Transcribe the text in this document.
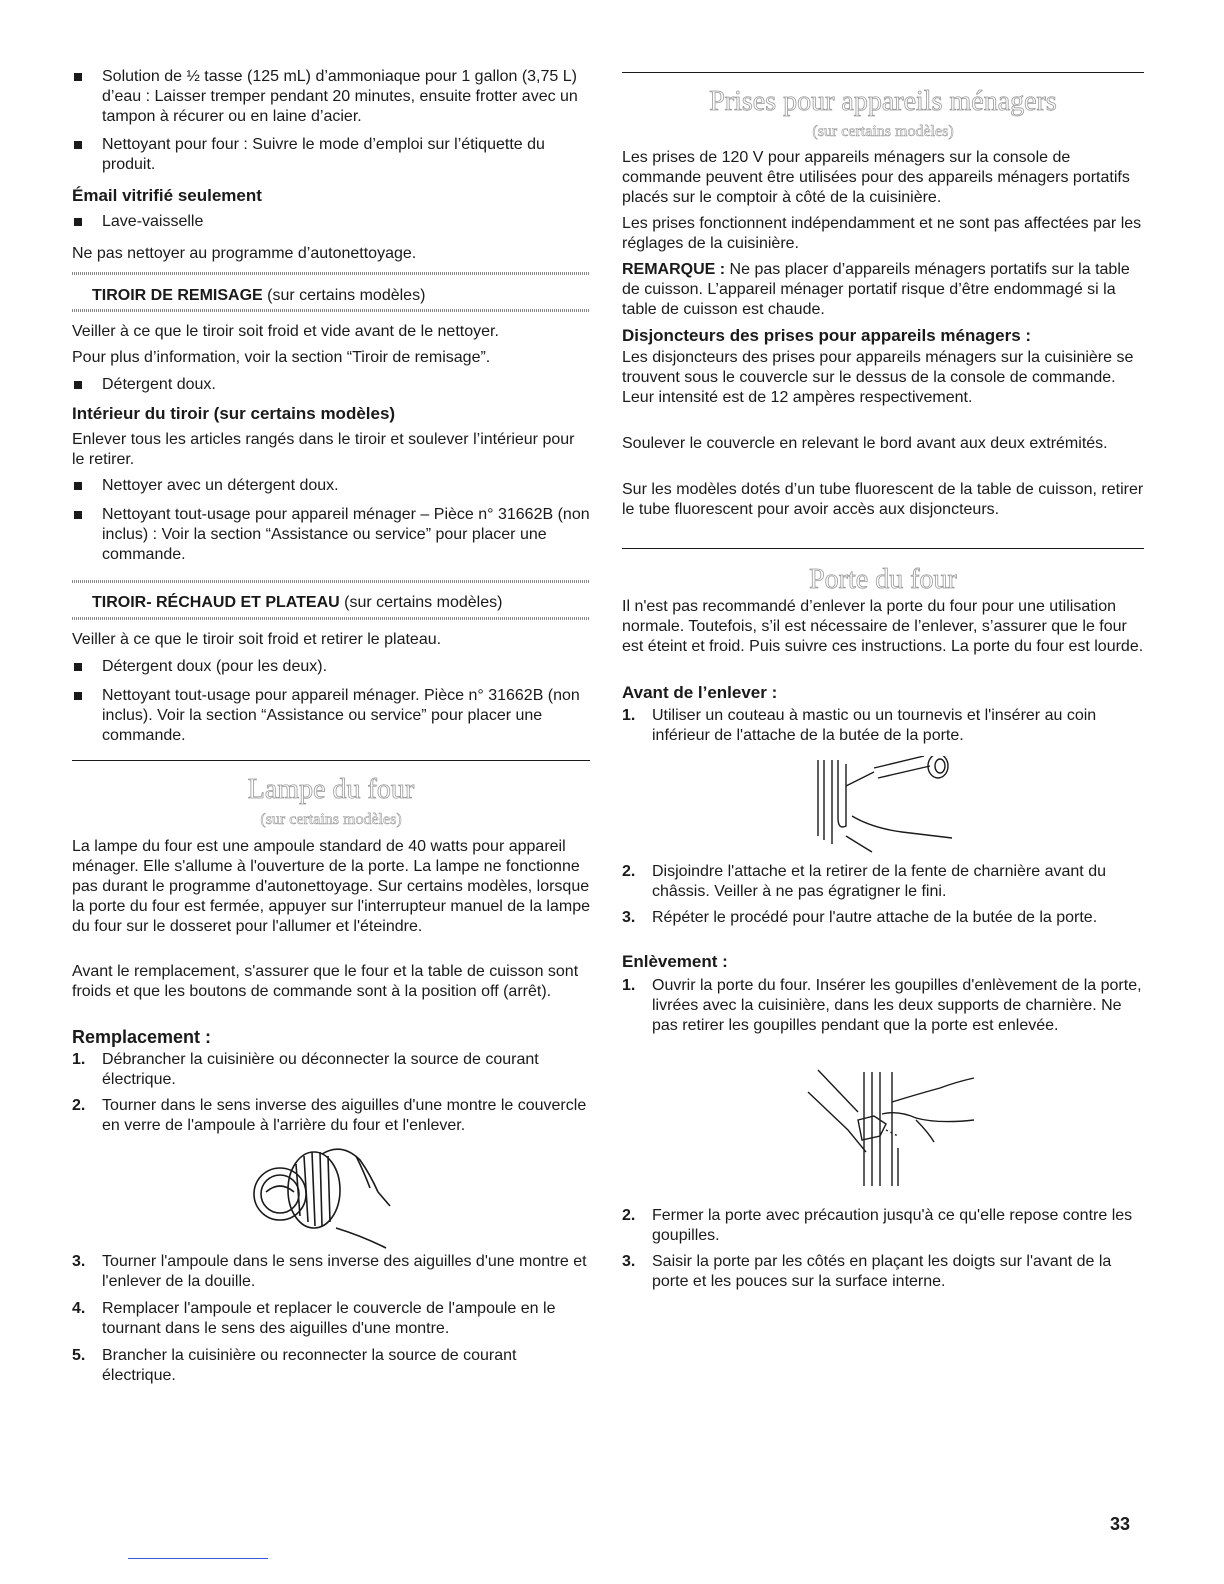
Solution de ½ tasse (125 mL) d’ammoniaque pour 1 gallon (3,75 L) d’eau : Laisser tremper pendant 20 minutes, ensuite frotter avec un tampon à récurer ou en laine d’acier.

Nettoyant pour four : Suivre le mode d’emploi sur l’étiquette du produit.

Émail vitrifié seulement

Lave-vaisselle

Ne pas nettoyer au programme d’autonettoyage.

TIROIR DE REMISAGE (sur certains modèles)

Veiller à ce que le tiroir soit froid et vide avant de le nettoyer.

Pour plus d’information, voir la section “Tiroir de remisage”.

Détergent doux.

Intérieur du tiroir (sur certains modèles)

Enlever tous les articles rangés dans le tiroir et soulever l’intérieur pour le retirer.

Nettoyer avec un détergent doux.

Nettoyant tout-usage pour appareil ménager – Pièce n° 31662B (non inclus) : Voir la section “Assistance ou service” pour placer une commande.

TIROIR- RÉCHAUD ET PLATEAU (sur certains modèles)

Veiller à ce que le tiroir soit froid et retirer le plateau.

Détergent doux (pour les deux).

Nettoyant tout-usage pour appareil ménager. Pièce n° 31662B (non inclus). Voir la section “Assistance ou service” pour placer une commande.

Lampe du four
(sur certains modèles)

La lampe du four est une ampoule standard de 40 watts pour appareil ménager. Elle s'allume à l'ouverture de la porte. La lampe ne fonctionne pas durant le programme d'autonettoyage. Sur certains modèles, lorsque la porte du four est fermée, appuyer sur l'interrupteur manuel de la lampe du four sur le dosseret pour l'allumer et l'éteindre.

Avant le remplacement, s'assurer que le four et la table de cuisson sont froids et que les boutons de commande sont à la position off (arrêt).

Remplacement :

1. Débrancher la cuisinière ou déconnecter la source de courant électrique.
2. Tourner dans le sens inverse des aiguilles d'une montre le couvercle en verre de l'ampoule à l'arrière du four et l'enlever.
3. Tourner l'ampoule dans le sens inverse des aiguilles d'une montre et l'enlever de la douille.
4. Remplacer l'ampoule et replacer le couvercle de l'ampoule en le tournant dans le sens des aiguilles d'une montre.
5. Brancher la cuisinière ou reconnecter la source de courant électrique.
Prises pour appareils ménagers
(sur certains modèles)

Les prises de 120 V pour appareils ménagers sur la console de commande peuvent être utilisées pour des appareils ménagers portatifs placés sur le comptoir à côté de la cuisinière.

Les prises fonctionnent indépendamment et ne sont pas affectées par les réglages de la cuisinière.

REMARQUE : Ne pas placer d’appareils ménagers portatifs sur la table de cuisson. L’appareil ménager portatif risque d’être endommagé si la table de cuisson est chaude.

Disjoncteurs des prises pour appareils ménagers :

Les disjoncteurs des prises pour appareils ménagers sur la cuisinière se trouvent sous le couvercle sur le dessus de la console de commande. Leur intensité est de 12 ampères respectivement.

Soulever le couvercle en relevant le bord avant aux deux extrémités.

Sur les modèles dotés d’un tube fluorescent de la table de cuisson, retirer le tube fluorescent pour avoir accès aux disjoncteurs.

Porte du four

Il n'est pas recommandé d’enlever la porte du four pour une utilisation normale. Toutefois, s’il est nécessaire de l’enlever, s’assurer que le four est éteint et froid. Puis suivre ces instructions. La porte du four est lourde.

Avant de l’enlever :

1. Utiliser un couteau à mastic ou un tournevis et l'insérer au coin inférieur de l'attache de la butée de la porte.
2. Disjoindre l'attache et la retirer de la fente de charnière avant du châssis. Veiller à ne pas égratigner le fini.
3. Répéter le procédé pour l'autre attache de la butée de la porte.

Enlèvement :

1. Ouvrir la porte du four. Insérer les goupilles d'enlèvement de la porte, livrées avec la cuisinière, dans les deux supports de charnière. Ne pas retirer les goupilles pendant que la porte est enlevée.
2. Fermer la porte avec précaution jusqu'à ce qu'elle repose contre les goupilles.
3. Saisir la porte par les côtés en plaçant les doigts sur l'avant de la porte et les pouces sur la surface interne.
33
